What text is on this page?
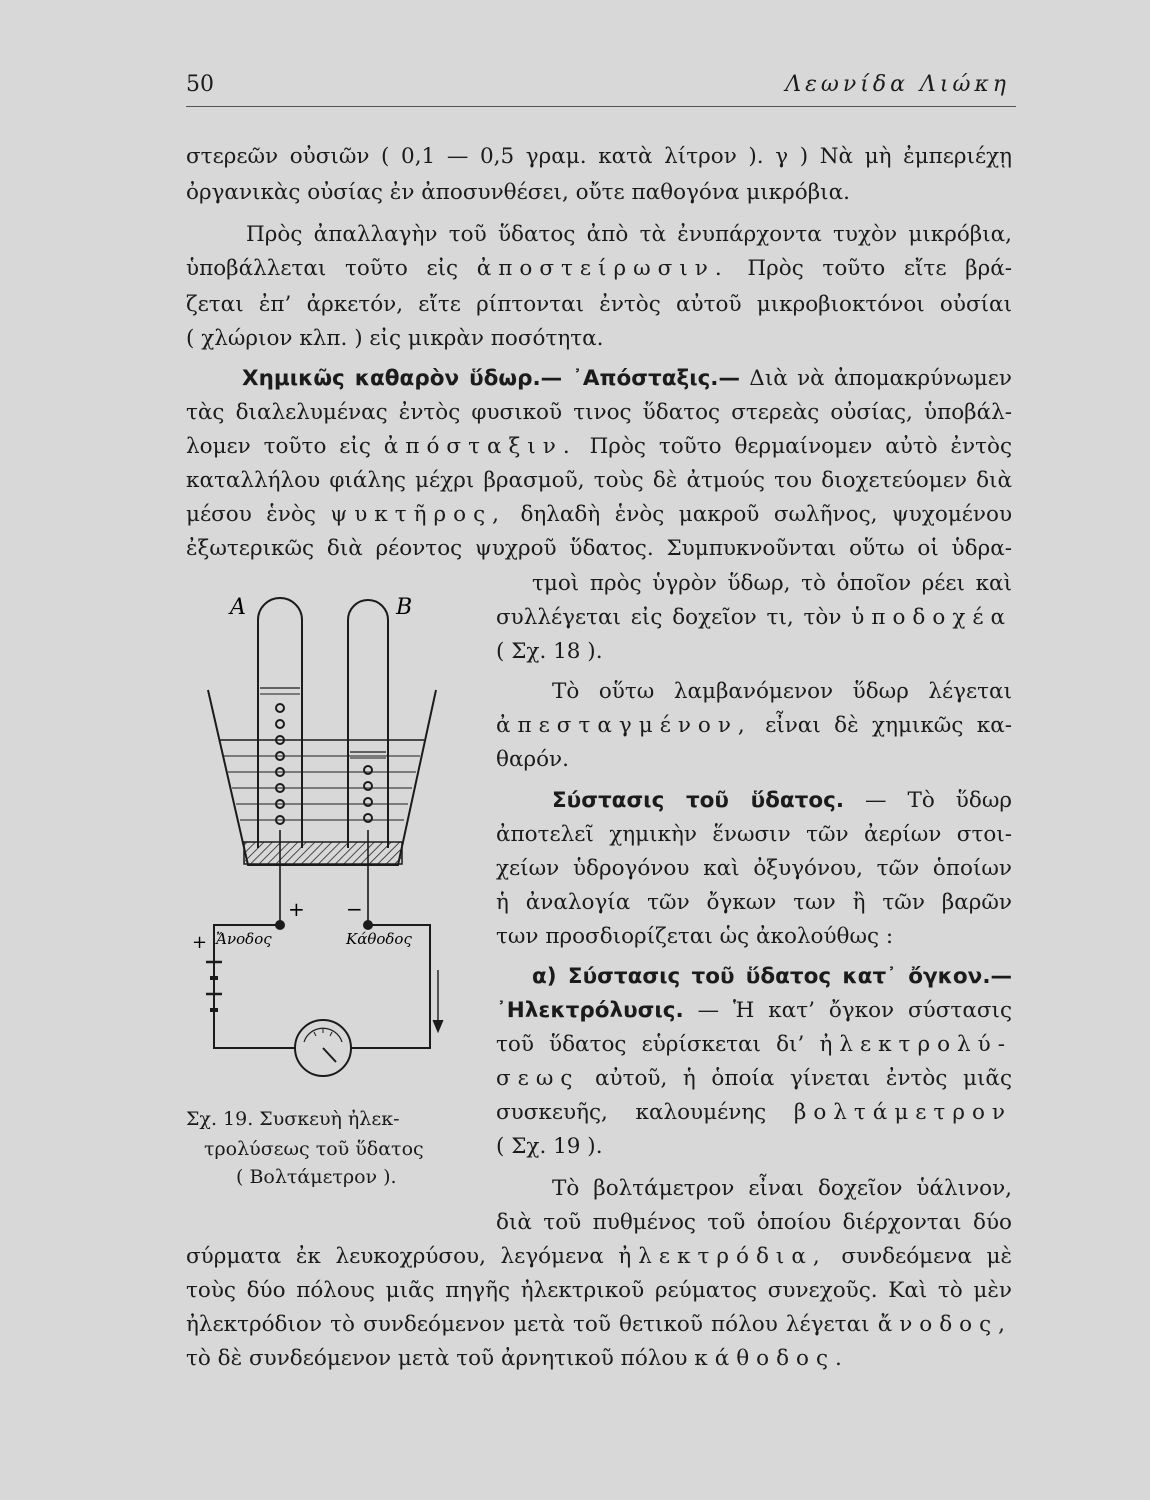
50	Λεωνίδα Λιώκη
στερεῶν οὐσιῶν ( 0,1 — 0,5 γραμ. κατὰ λίτρον ). γ ) Νὰ μὴ ἐμπεριέχῃ
ὀργανικὰς οὐσίας ἐν ἀποσυνθέσει, οὔτε παθογόνα μικρόβια.
Πρὸς ἀπαλλαγὴν τοῦ ὕδατος ἀπὸ τὰ ἐνυπάρχοντα τυχὸν μικρόβια,
ὑποβάλλεται τοῦτο εἰς ἀποστείρωσιν. Πρὸς τοῦτο εἴτε βρά-
ζεται ἐπ’ ἀρκετόν, εἴτε ρίπτονται ἐντὸς αὐτοῦ μικροβιοκτόνοι οὐσίαι
( χλώριον κλπ. ) εἰς μικρὰν ποσότητα.
Χημικῶς καθαρὸν ὕδωρ.— ᾿Απόσταξις.— Διὰ νὰ ἀπομακρύνωμεν
τὰς διαλελυμένας ἐντὸς φυσικοῦ τινος ὕδατος στερεὰς οὐσίας, ὑποβάλ-
λομεν τοῦτο εἰς ἀπόσταξιν. Πρὸς τοῦτο θερμαίνομεν αὐτὸ ἐντὸς
καταλλήλου φιάλης μέχρι βρασμοῦ, τοὺς δὲ ἀτμούς του διοχετεύομεν διὰ
μέσου ἑνὸς ψυκτῆρος, δηλαδὴ ἑνὸς μακροῦ σωλῆνος, ψυχομένου
ἐξωτερικῶς διὰ ρέοντος ψυχροῦ ὕδατος. Συμπυκνοῦνται οὕτω οἱ ὑδρα-
τμοὶ πρὸς ὑγρὸν ὕδωρ, τὸ ὁποῖον ρέει καὶ
συλλέγεται εἰς δοχεῖον τι, τὸν ὑποδοχέα
( Σχ. 18 ).
Τὸ οὕτω λαμβανόμενον ὕδωρ λέγεται
ἀπεσταγμένον, εἶναι δὲ χημικῶς κα-
θαρόν.
Σύστασις τοῦ ὕδατος. — Τὸ ὕδωρ
ἀποτελεῖ χημικὴν ἕνωσιν τῶν ἀερίων στοι-
χείων ὑδρογόνου καὶ ὀξυγόνου, τῶν ὁποίων
ἡ ἀναλογία τῶν ὄγκων των ἢ τῶν βαρῶν
των προσδιορίζεται ὡς ἀκολούθως :
α) Σύστασις τοῦ ὕδατος κατ᾿ ὄγκον.—
᾿Ηλεκτρόλυσις. — Ἡ κατ’ ὄγκον σύστασις
τοῦ ὕδατος εὑρίσκεται δι’ ἠλεκτρολύ-
σεως αὐτοῦ, ἡ ὁποία γίνεται ἐντὸς μιᾶς
συσκευῆς, καλουμένης βολτάμετρον
( Σχ. 19 ).
Τὸ βολτάμετρον εἶναι δοχεῖον ὑάλινον,
διὰ τοῦ πυθμένος τοῦ ὁποίου διέρχονται δύο
σύρματα ἐκ λευκοχρύσου, λεγόμενα ἠλεκτρόδια, συνδεόμενα μὲ
τοὺς δύο πόλους μιᾶς πηγῆς ἠλεκτρικοῦ ρεύματος συνεχοῦς. Καὶ τὸ μὲν
ἠλεκτρόδιον τὸ συνδεόμενον μετὰ τοῦ θετικοῦ πόλου λέγεται ἄνοδος,
τὸ δὲ συνδεόμενον μετὰ τοῦ ἀρνητικοῦ πόλου κάθοδος.
A	B
+ −
+ Ἄνοδος	Κάθοδος
Σχ. 19. Συσκευὴ ἠλεκ-
τρολύσεως τοῦ ὕδατος
( Βολτάμετρον ).
